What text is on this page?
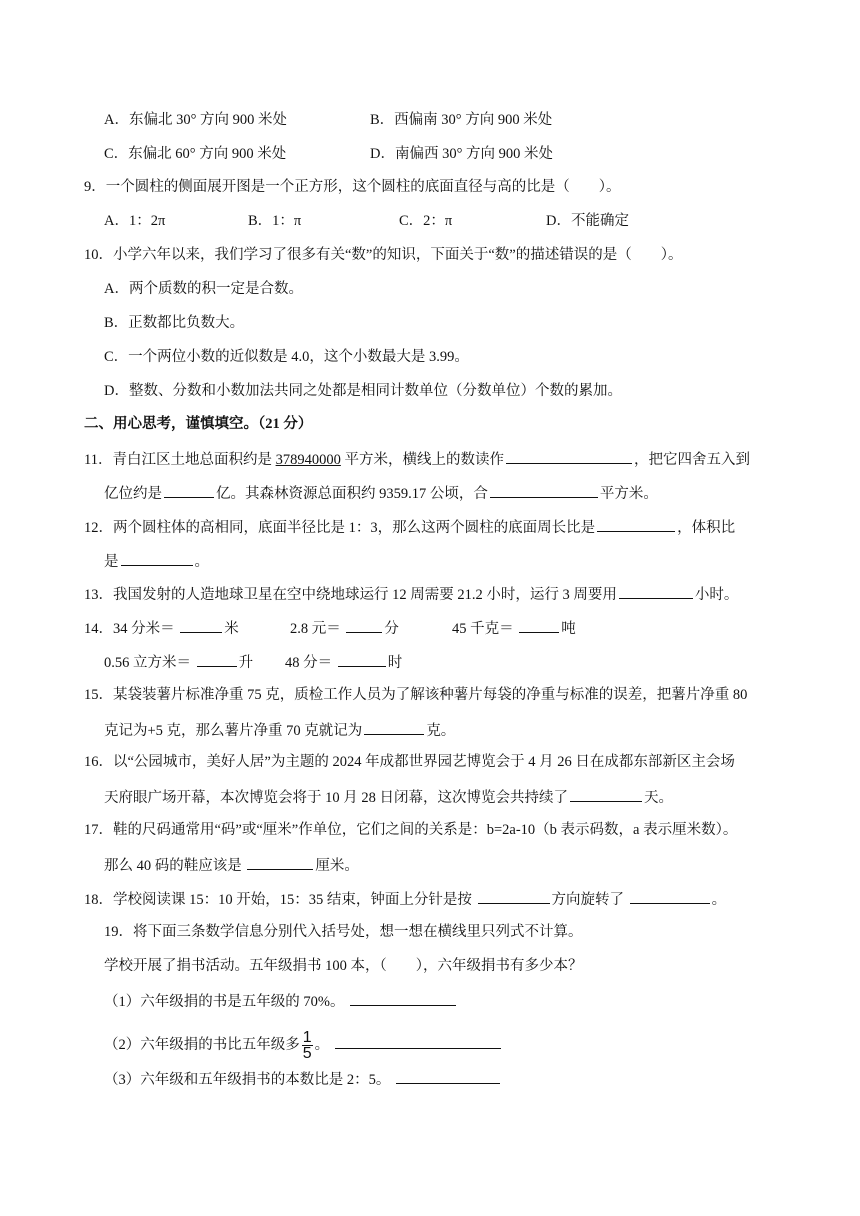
A．东偏北 30° 方向 900 米处	B．西偏南 30° 方向 900 米处
C．东偏北 60° 方向 900 米处	D．南偏西 30° 方向 900 米处
9．一个圆柱的侧面展开图是一个正方形，这个圆柱的底面直径与高的比是（　　）。
A．1：2π	B．1：π	C．2：π	D．不能确定
10．小学六年以来，我们学习了很多有关“数”的知识，下面关于“数”的描述错误的是（　　）。
A．两个质数的积一定是合数。
B．正数都比负数大。
C．一个两位小数的近似数是 4.0，这个小数最大是 3.99。
D．整数、分数和小数加法共同之处都是相同计数单位（分数单位）个数的累加。
二、用心思考，谨慎填空。（21 分）
11．青白江区土地总面积约是 378940000 平方米，横线上的数读作	，把它四舍五入到
亿位约是	亿。其森林资源总面积约 9359.17 公顷，合	平方米。
12．两个圆柱体的高相同，底面半径比是 1：3，那么这两个圆柱的底面周长比是	，体积比
是	。
13．我国发射的人造地球卫星在空中绕地球运行 12 周需要 21.2 小时，运行 3 周要用	小时。
14．34 分米＝	米	2.8 元＝	分	45 千克＝	吨
0.56 立方米＝	升 48 分＝	时
15．某袋装薯片标准净重 75 克，质检工作人员为了解该种薯片每袋的净重与标准的误差，把薯片净重 80
克记为+5 克，那么薯片净重 70 克就记为	克。
16．以“公园城市，美好人居”为主题的 2024 年成都世界园艺博览会于 4 月 26 日在成都东部新区主会场
天府眼广场开幕，本次博览会将于 10 月 28 日闭幕，这次博览会共持续了	天。
17．鞋的尺码通常用“码”或“厘米”作单位，它们之间的关系是：b=2a-10（b 表示码数，a 表示厘米数）。
那么 40 码的鞋应该是	厘米。
18．学校阅读课 15：10 开始，15：35 结束，钟面上分针是按	方向旋转了	。
19．将下面三条数学信息分别代入括号处，想一想在横线里只列式不计算。
学校开展了捐书活动。五年级捐书 100 本，（　　），六年级捐书有多少本？
（1）六年级捐的书是五年级的 70%。
（2）六年级捐的书比五年级多 $\frac{1}{5}$ 。
（3）六年级和五年级捐书的本数比是 2：5。
